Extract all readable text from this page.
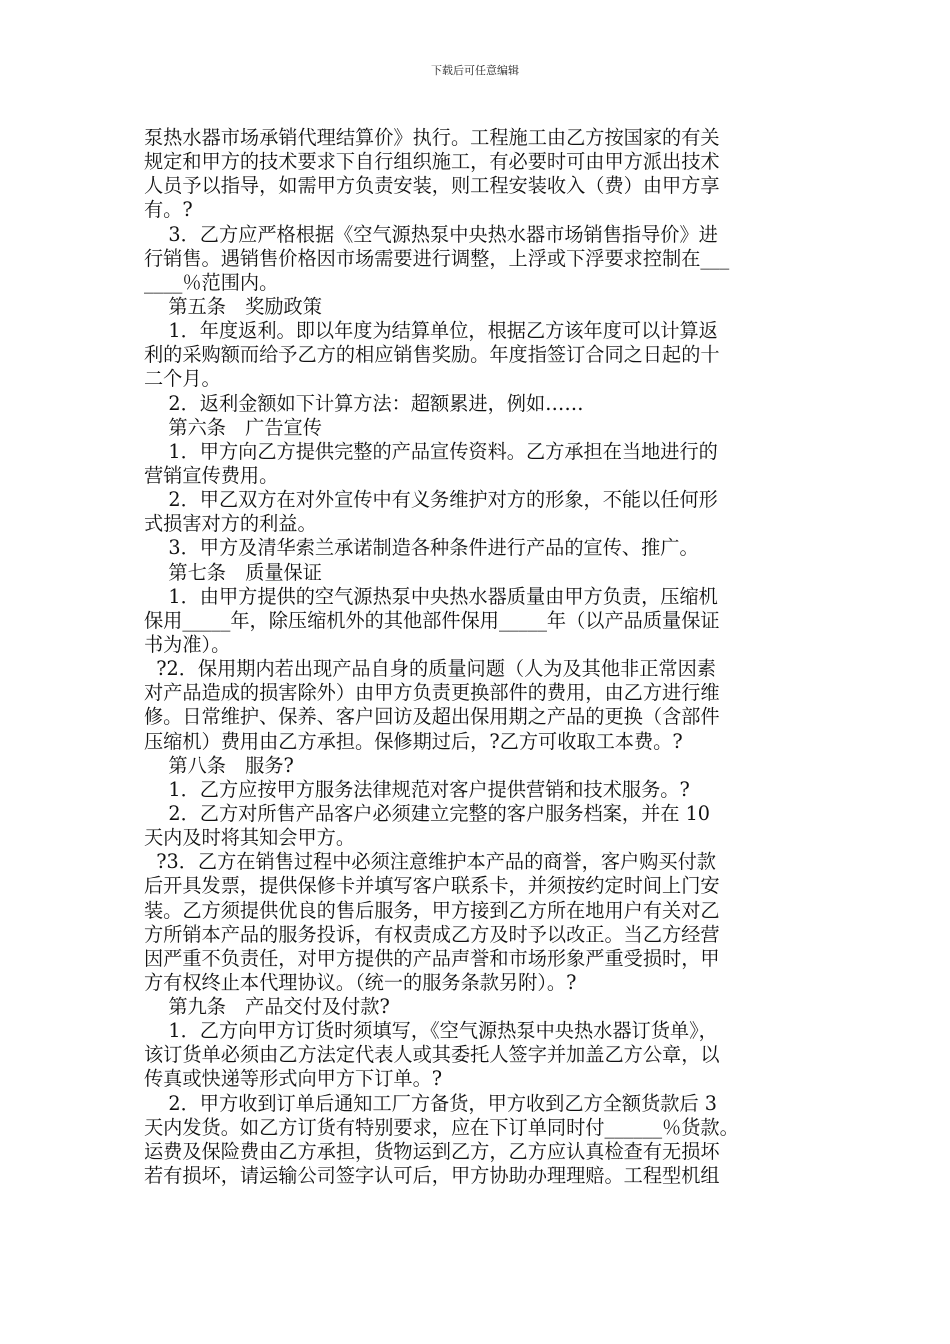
下载后可任意编辑
泵热水器市场承销代理结算价》执行。工程施工由乙方按国家的有关
规定和甲方的技术要求下自行组织施工，有必要时可由甲方派出技术
人员予以指导，如需甲方负责安装，则工程安装收入（费）由甲方享
有。?
3．乙方应严格根据《空气源热泵中央热水器市场销售指导价》进
行销售。遇销售价格因市场需要进行调整，上浮或下浮要求控制在___
____％范围内。
第五条　奖励政策
1．年度返利。即以年度为结算单位，根据乙方该年度可以计算返
利的采购额而给予乙方的相应销售奖励。年度指签订合同之日起的十
二个月。
2．返利金额如下计算方法：超额累进，例如……
第六条　广告宣传
1．甲方向乙方提供完整的产品宣传资料。乙方承担在当地进行的
营销宣传费用。
2．甲乙双方在对外宣传中有义务维护对方的形象，不能以任何形
式损害对方的利益。
3．甲方及清华索兰承诺制造各种条件进行产品的宣传、推广。
第七条　质量保证
1．由甲方提供的空气源热泵中央热水器质量由甲方负责，压缩机
保用_____年，除压缩机外的其他部件保用_____年（以产品质量保证
书为准）。
?2．保用期内若出现产品自身的质量问题（人为及其他非正常因素
对产品造成的损害除外）由甲方负责更换部件的费用，由乙方进行维
修。日常维护、保养、客户回访及超出保用期之产品的更换（含部件
压缩机）费用由乙方承担。保修期过后，?乙方可收取工本费。?
第八条　服务?
1．乙方应按甲方服务法律规范对客户提供营销和技术服务。?
2．乙方对所售产品客户必须建立完整的客户服务档案，并在 10
天内及时将其知会甲方。
?3．乙方在销售过程中必须注意维护本产品的商誉，客户购买付款
后开具发票，提供保修卡并填写客户联系卡，并须按约定时间上门安
装。乙方须提供优良的售后服务，甲方接到乙方所在地用户有关对乙
方所销本产品的服务投诉，有权责成乙方及时予以改正。当乙方经营
因严重不负责任，对甲方提供的产品声誉和市场形象严重受损时，甲
方有权终止本代理协议。（统一的服务条款另附）。?
第九条　产品交付及付款?
1．乙方向甲方订货时须填写，《空气源热泵中央热水器订货单》，
该订货单必须由乙方法定代表人或其委托人签字并加盖乙方公章，以
传真或快递等形式向甲方下订单。?
2．甲方收到订单后通知工厂方备货，甲方收到乙方全额货款后 3
天内发货。如乙方订货有特别要求，应在下订单同时付______％货款。
运费及保险费由乙方承担，货物运到乙方，乙方应认真检查有无损坏
若有损坏，请运输公司签字认可后，甲方协助办理理赔。工程型机组
